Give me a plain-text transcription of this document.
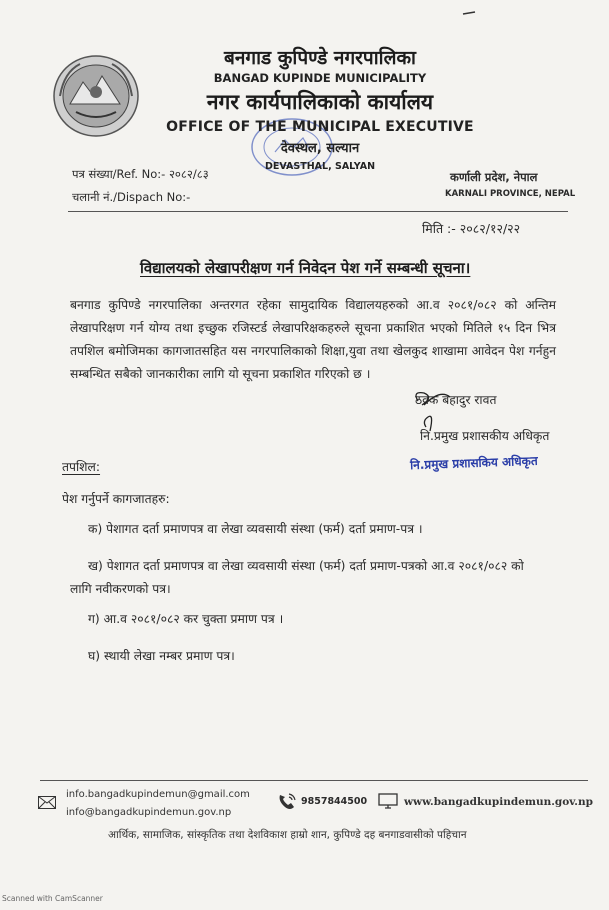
बनगाड कुपिण्डे नगरपालिका
BANGAD KUPINDE MUNICIPALITY
नगर कार्यपालिकाको कार्यालय
OFFICE OF THE MUNICIPAL EXECUTIVE
देवस्थल, सल्यान
DEVASTHAL, SALYAN
पत्र संख्या/Ref. No:- २०८२/८३
चलानी नं./Dispach No:-
कर्णाली प्रदेश, नेपाल
KARNALI PROVINCE, NEPAL
मिति :- २०८२/१२/२२
विद्यालयको लेखापरीक्षण गर्न निवेदन पेश गर्ने सम्बन्धी सूचना।
बनगाड कुपिण्डे नगरपालिका अन्तरगत रहेका सामुदायिक विद्यालयहरुको आ.व २०८१/०८२ को अन्तिम लेखापरिक्षण गर्न योग्य तथा इच्छुक रजिस्टर्ड लेखापरिक्षकहरुले सूचना प्रकाशित भएको मितिले १५ दिन भित्र तपशिल बमोजिमका कागजातसहित यस नगरपालिकाको शिक्षा,युवा तथा खेलकुद शाखामा आवेदन पेश गर्नहुन सम्बन्धित सबैको जानकारीका लागि यो सूचना प्रकाशित गरिएको छ ।
ठक्क बहादुर रावत
नि.प्रमुख प्रशासकीय अधिकृत
नि.प्रमुख प्रशासकिय अधिकृत
तपशिल:
पेश गर्नुपर्ने कागजातहरु:
क) पेशागत दर्ता प्रमाणपत्र वा लेखा व्यवसायी संस्था (फर्म) दर्ता प्रमाण-पत्र ।
ख) पेशागत दर्ता प्रमाणपत्र वा लेखा व्यवसायी संस्था (फर्म) दर्ता प्रमाण-पत्रको आ.व २०८१/०८२ को लागि नवीकरणको पत्र।
ग) आ.व २०८१/०८२ कर चुक्ता प्रमाण पत्र ।
घ) स्थायी लेखा नम्बर प्रमाण पत्र।
info.bangadkupindemun@gmail.com
info@bangadkupindemun.gov.np
9857844500	www.bangadkupindemun.gov.np
आर्थिक, सामाजिक, सांस्कृतिक तथा देशविकाश हाम्रो शान, कुपिण्डे दह बनगाडवासीको पहिचान
Scanned with CamScanner
